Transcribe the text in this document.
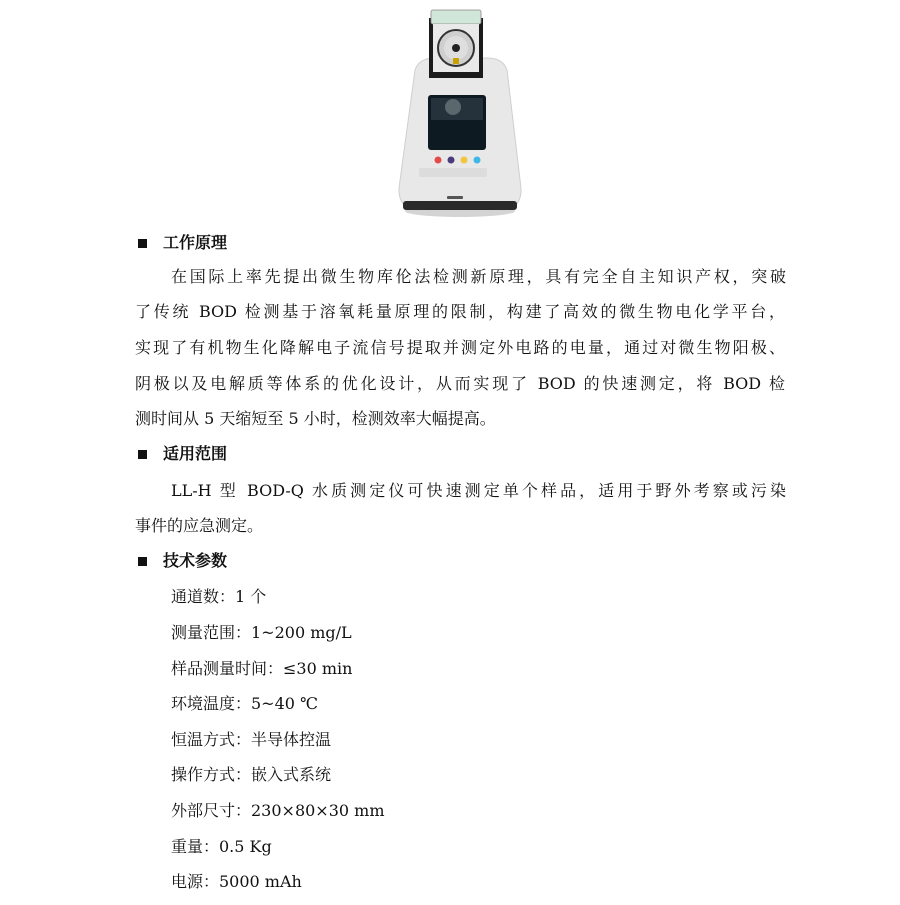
工作原理
在国际上率先提出微生物库伦法检测新原理，具有完全自主知识产权，突破
了传统 BOD 检测基于溶氧耗量原理的限制，构建了高效的微生物电化学平台，
实现了有机物生化降解电子流信号提取并测定外电路的电量，通过对微生物阳极、
阴极以及电解质等体系的优化设计，从而实现了 BOD 的快速测定，将 BOD 检
测时间从 5 天缩短至 5 小时，检测效率大幅提高。
适用范围
LL-H 型 BOD-Q 水质测定仪可快速测定单个样品，适用于野外考察或污染
事件的应急测定。
技术参数
通道数：1 个
测量范围：1~200 mg/L
样品测量时间：≤30 min
环境温度：5~40 ℃
恒温方式：半导体控温
操作方式：嵌入式系统
外部尺寸：230×80×30 mm
重量：0.5 Kg
电源：5000 mAh
